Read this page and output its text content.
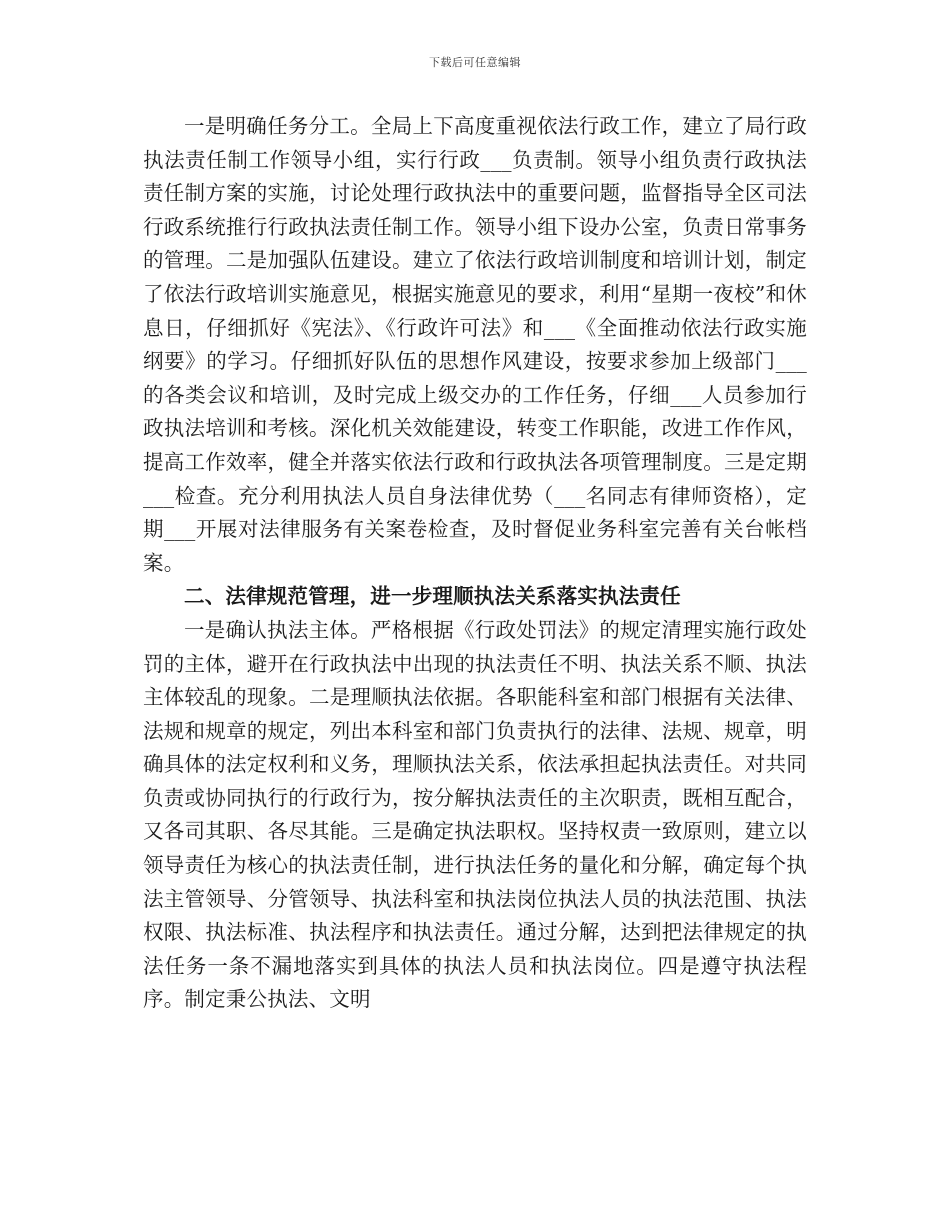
下载后可任意编辑

一是明确任务分工。全局上下高度重视依法行政工作，建立了局行政执法责任制工作领导小组，实行行政___负责制。领导小组负责行政执法责任制方案的实施，讨论处理行政执法中的重要问题，监督指导全区司法行政系统推行行政执法责任制工作。领导小组下设办公室，负责日常事务的管理。二是加强队伍建设。建立了依法行政培训制度和培训计划，制定了依法行政培训实施意见，根据实施意见的要求，利用“星期一夜校”和休息日，仔细抓好《宪法》、《行政许可法》和___《全面推动依法行政实施纲要》的学习。仔细抓好队伍的思想作风建设，按要求参加上级部门___的各类会议和培训，及时完成上级交办的工作任务，仔细___人员参加行政执法培训和考核。深化机关效能建设，转变工作职能，改进工作作风，提高工作效率，健全并落实依法行政和行政执法各项管理制度。三是定期___检查。充分利用执法人员自身法律优势（___名同志有律师资格），定期___开展对法律服务有关案卷检查，及时督促业务科室完善有关台帐档案。

二、法律规范管理，进一步理顺执法关系落实执法责任

一是确认执法主体。严格根据《行政处罚法》的规定清理实施行政处罚的主体，避开在行政执法中出现的执法责任不明、执法关系不顺、执法主体较乱的现象。二是理顺执法依据。各职能科室和部门根据有关法律、法规和规章的规定，列出本科室和部门负责执行的法律、法规、规章，明确具体的法定权利和义务，理顺执法关系，依法承担起执法责任。对共同负责或协同执行的行政行为，按分解执法责任的主次职责，既相互配合，又各司其职、各尽其能。三是确定执法职权。坚持权责一致原则，建立以领导责任为核心的执法责任制，进行执法任务的量化和分解，确定每个执法主管领导、分管领导、执法科室和执法岗位执法人员的执法范围、执法权限、执法标准、执法程序和执法责任。通过分解，达到把法律规定的执法任务一条不漏地落实到具体的执法人员和执法岗位。四是遵守执法程序。制定秉公执法、文明
